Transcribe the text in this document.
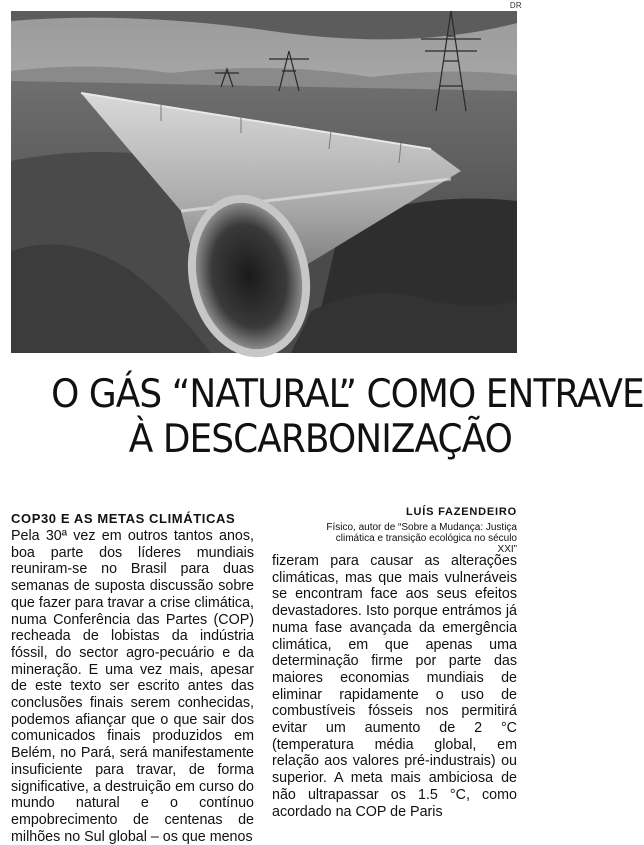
DR
O GÁS “NATURAL” COMO ENTRAVE
À DESCARBONIZAÇÃO
COP30 E AS METAS CLIMÁTICAS	LUÍS FAZENDEIRO
Físico, autor de “Sobre a Mudança: Justiça climática e transição ecológica no século XXI”

Pela 30ª vez em outros tantos anos, boa parte dos líderes mundiais reuniram-se no Brasil para duas semanas de suposta discussão sobre que fazer para travar a crise climática, numa Conferência das Partes (COP) recheada de lobistas da indústria fóssil, do sector agro-pecuário e da mineração. E uma vez mais, apesar de este texto ser escrito antes das conclusões finais serem conhecidas, podemos afiançar que o que sair dos comunicados finais produzidos em Belém, no Pará, será manifestamente insuficiente para travar, de forma significative, a destruição em curso do mundo natural e o contínuo empobrecimento de centenas de milhões no Sul global – os que menos

fizeram para causar as alterações climáticas, mas que mais vulneráveis se encontram face aos seus efeitos devastadores. Isto porque entrámos já numa fase avançada da emergência climática, em que apenas uma determinação firme por parte das maiores economias mundiais de eliminar rapidamente o uso de combustíveis fósseis nos permitirá evitar um aumento de 2 °C (temperatura média global, em relação aos valores pré-industrais) ou superior. A meta mais ambiciosa de não ultrapassar os 1.5 °C, como acordado na COP de Paris
